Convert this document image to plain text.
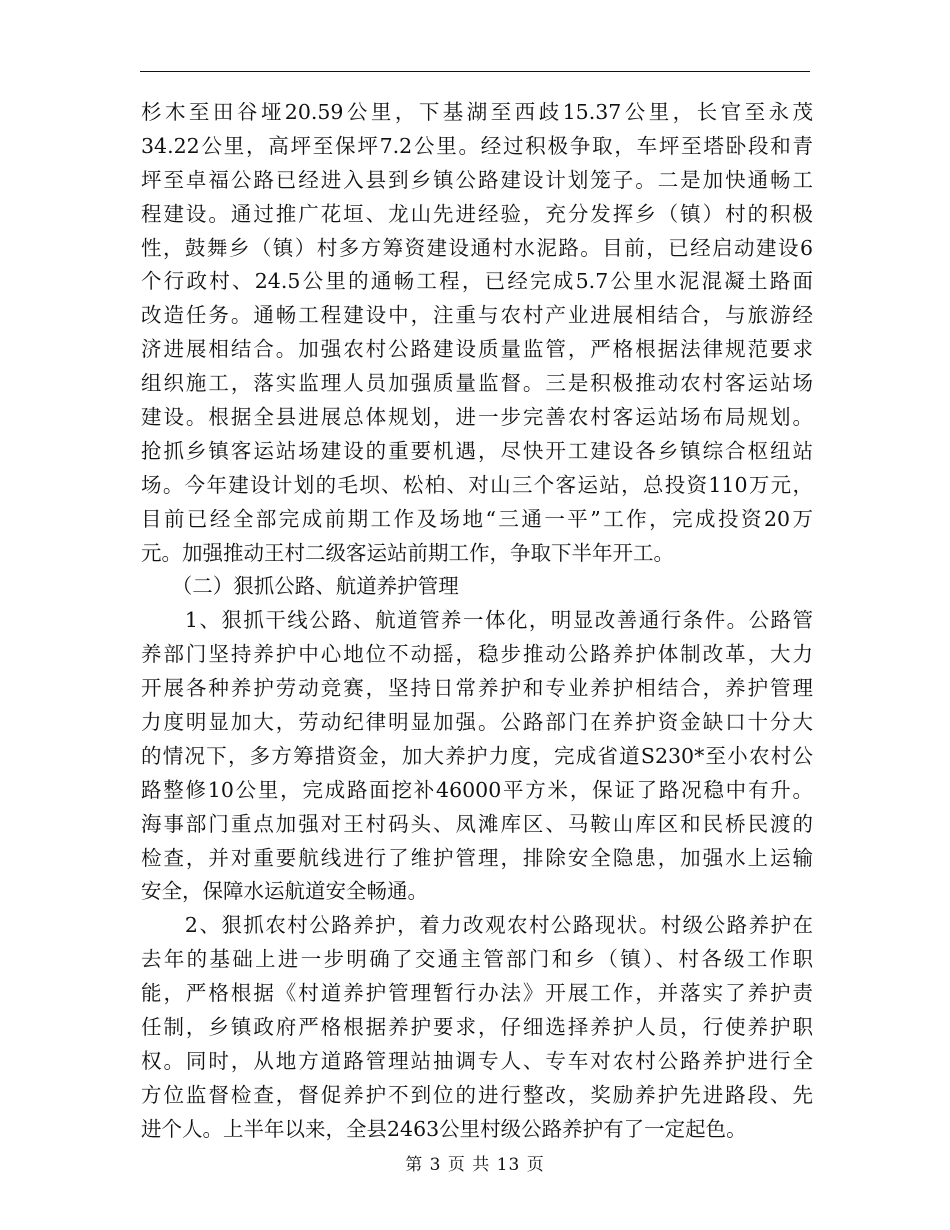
杉木至田谷垭20.59公里，下基湖至西歧15.37公里，长官至永茂
34.22公里，高坪至保坪7.2公里。经过积极争取，车坪至塔卧段和青
坪至卓福公路已经进入县到乡镇公路建设计划笼子。二是加快通畅工
程建设。通过推广花垣、龙山先进经验，充分发挥乡（镇）村的积极
性，鼓舞乡（镇）村多方筹资建设通村水泥路。目前，已经启动建设6
个行政村、24.5公里的通畅工程，已经完成5.7公里水泥混凝土路面
改造任务。通畅工程建设中，注重与农村产业进展相结合，与旅游经
济进展相结合。加强农村公路建设质量监管，严格根据法律规范要求
组织施工，落实监理人员加强质量监督。三是积极推动农村客运站场
建设。根据全县进展总体规划，进一步完善农村客运站场布局规划。
抢抓乡镇客运站场建设的重要机遇，尽快开工建设各乡镇综合枢纽站
场。今年建设计划的毛坝、松柏、对山三个客运站，总投资110万元，
目前已经全部完成前期工作及场地“三通一平”工作，完成投资20万
元。加强推动王村二级客运站前期工作，争取下半年开工。
　　（二）狠抓公路、航道养护管理
　　1、狠抓干线公路、航道管养一体化，明显改善通行条件。公路管
养部门坚持养护中心地位不动摇，稳步推动公路养护体制改革，大力
开展各种养护劳动竞赛，坚持日常养护和专业养护相结合，养护管理
力度明显加大，劳动纪律明显加强。公路部门在养护资金缺口十分大
的情况下，多方筹措资金，加大养护力度，完成省道S230*至小农村公
路整修10公里，完成路面挖补46000平方米，保证了路况稳中有升。
海事部门重点加强对王村码头、凤滩库区、马鞍山库区和民桥民渡的
检查，并对重要航线进行了维护管理，排除安全隐患，加强水上运输
安全，保障水运航道安全畅通。
　　2、狠抓农村公路养护，着力改观农村公路现状。村级公路养护在
去年的基础上进一步明确了交通主管部门和乡（镇）、村各级工作职
能，严格根据《村道养护管理暂行办法》开展工作，并落实了养护责
任制，乡镇政府严格根据养护要求，仔细选择养护人员，行使养护职
权。同时，从地方道路管理站抽调专人、专车对农村公路养护进行全
方位监督检查，督促养护不到位的进行整改，奖励养护先进路段、先
进个人。上半年以来，全县2463公里村级公路养护有了一定起色。
第 3 页 共 13 页
